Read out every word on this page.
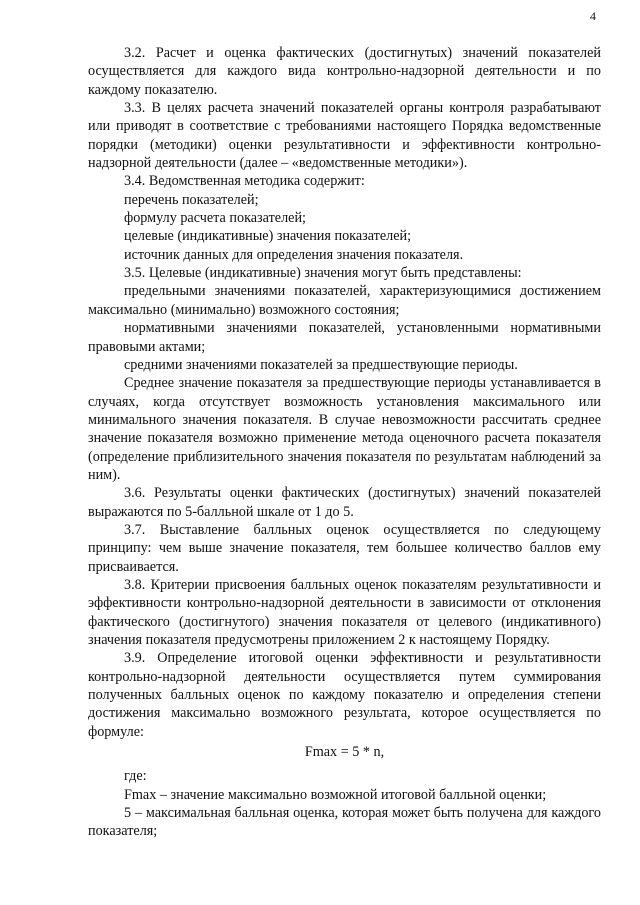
4

3.2. Расчет и оценка фактических (достигнутых) значений показателей осуществляется для каждого вида контрольно-надзорной деятельности и по каждому показателю.

3.3. В целях расчета значений показателей органы контроля разрабатывают или приводят в соответствие с требованиями настоящего Порядка ведомственные порядки (методики) оценки результативности и эффективности контрольно-надзорной деятельности (далее – «ведомственные методики»).

3.4. Ведомственная методика содержит:

перечень показателей;

формулу расчета показателей;

целевые (индикативные) значения показателей;

источник данных для определения значения показателя.

3.5. Целевые (индикативные) значения могут быть представлены:

предельными значениями показателей, характеризующимися достижением максимально (минимально) возможного состояния;

нормативными значениями показателей, установленными нормативными правовыми актами;

средними значениями показателей за предшествующие периоды.

Среднее значение показателя за предшествующие периоды устанавливается в случаях, когда отсутствует возможность установления максимального или минимального значения показателя. В случае невозможности рассчитать среднее значение показателя возможно применение метода оценочного расчета показателя (определение приблизительного значения показателя по результатам наблюдений за ним).

3.6. Результаты оценки фактических (достигнутых) значений показателей выражаются по 5-балльной шкале от 1 до 5.

3.7. Выставление балльных оценок осуществляется по следующему принципу: чем выше значение показателя, тем большее количество баллов ему присваивается.

3.8. Критерии присвоения балльных оценок показателям результативности и эффективности контрольно-надзорной деятельности в зависимости от отклонения фактического (достигнутого) значения показателя от целевого (индикативного) значения показателя предусмотрены приложением 2 к настоящему Порядку.

3.9. Определение итоговой оценки эффективности и результативности контрольно-надзорной деятельности осуществляется путем суммирования полученных балльных оценок по каждому показателю и определения степени достижения максимально возможного результата, которое осуществляется по формуле:

Fmax = 5 * n,

где:

Fmax – значение максимально возможной итоговой балльной оценки;

5 – максимальная балльная оценка, которая может быть получена для каждого показателя;
